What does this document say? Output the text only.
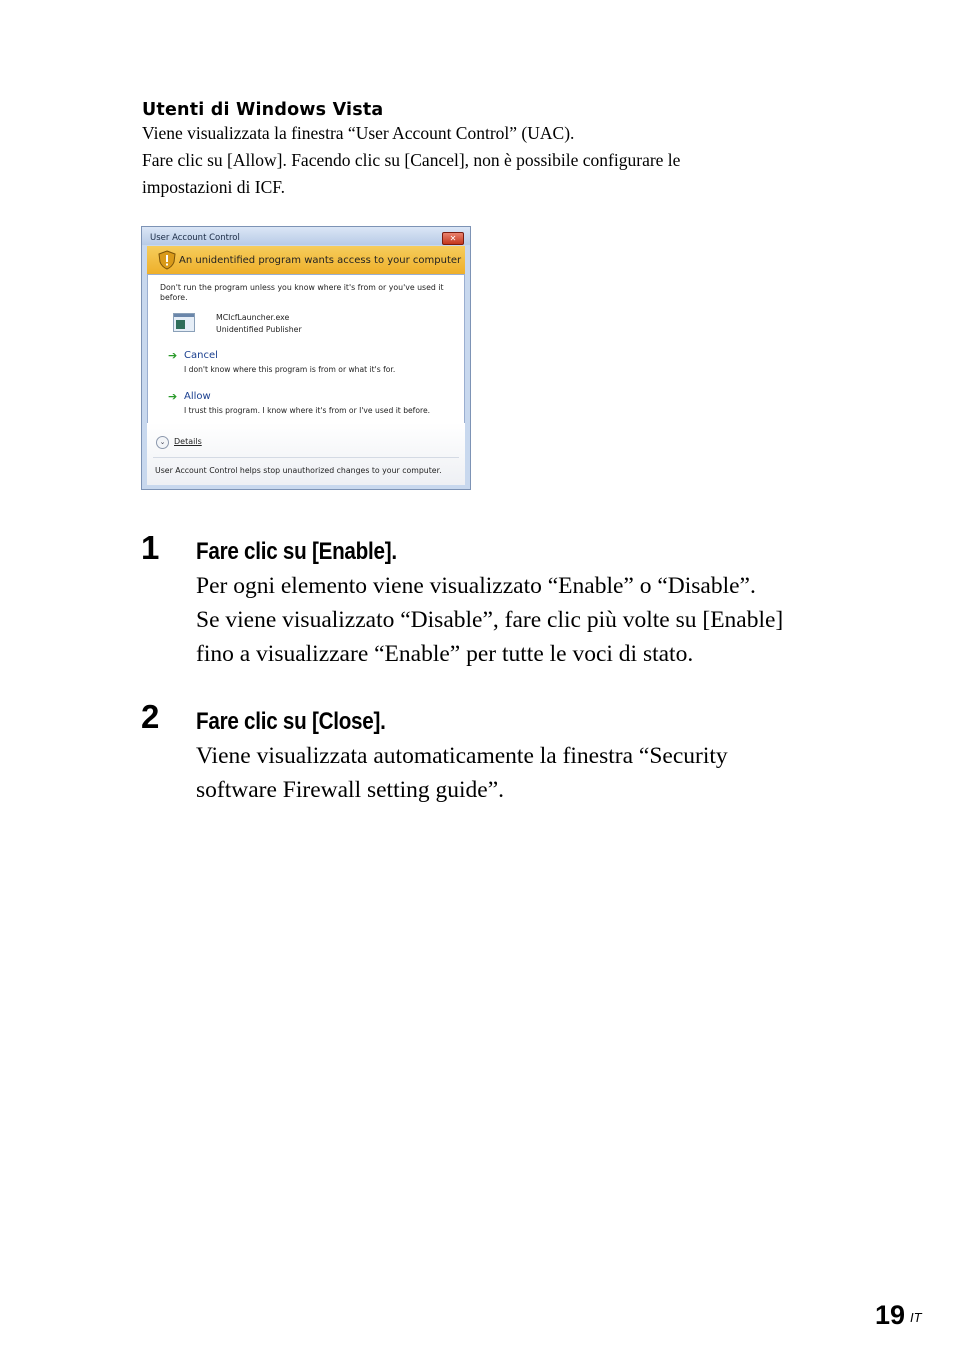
Utenti di Windows Vista
Viene visualizzata la finestra “User Account Control” (UAC).
Fare clic su [Allow]. Facendo clic su [Cancel], non è possibile configurare le
impostazioni di ICF.
User Account Control	✕
An unidentified program wants access to your computer
Don't run the program unless you know where it's from or you've used it before.
MCIcfLauncher.exe
Unidentified Publisher
➔ Cancel
I don't know where this program is from or what it's for.
➔ Allow
I trust this program. I know where it's from or I've used it before.
⌄	Details
User Account Control helps stop unauthorized changes to your computer.
1 Fare clic su [Enable].
Per ogni elemento viene visualizzato “Enable” o “Disable”.
Se viene visualizzato “Disable”, fare clic più volte su [Enable]
fino a visualizzare “Enable” per tutte le voci di stato.
2 Fare clic su [Close].
Viene visualizzata automaticamente la finestra “Security
software Firewall setting guide”.
19 IT
